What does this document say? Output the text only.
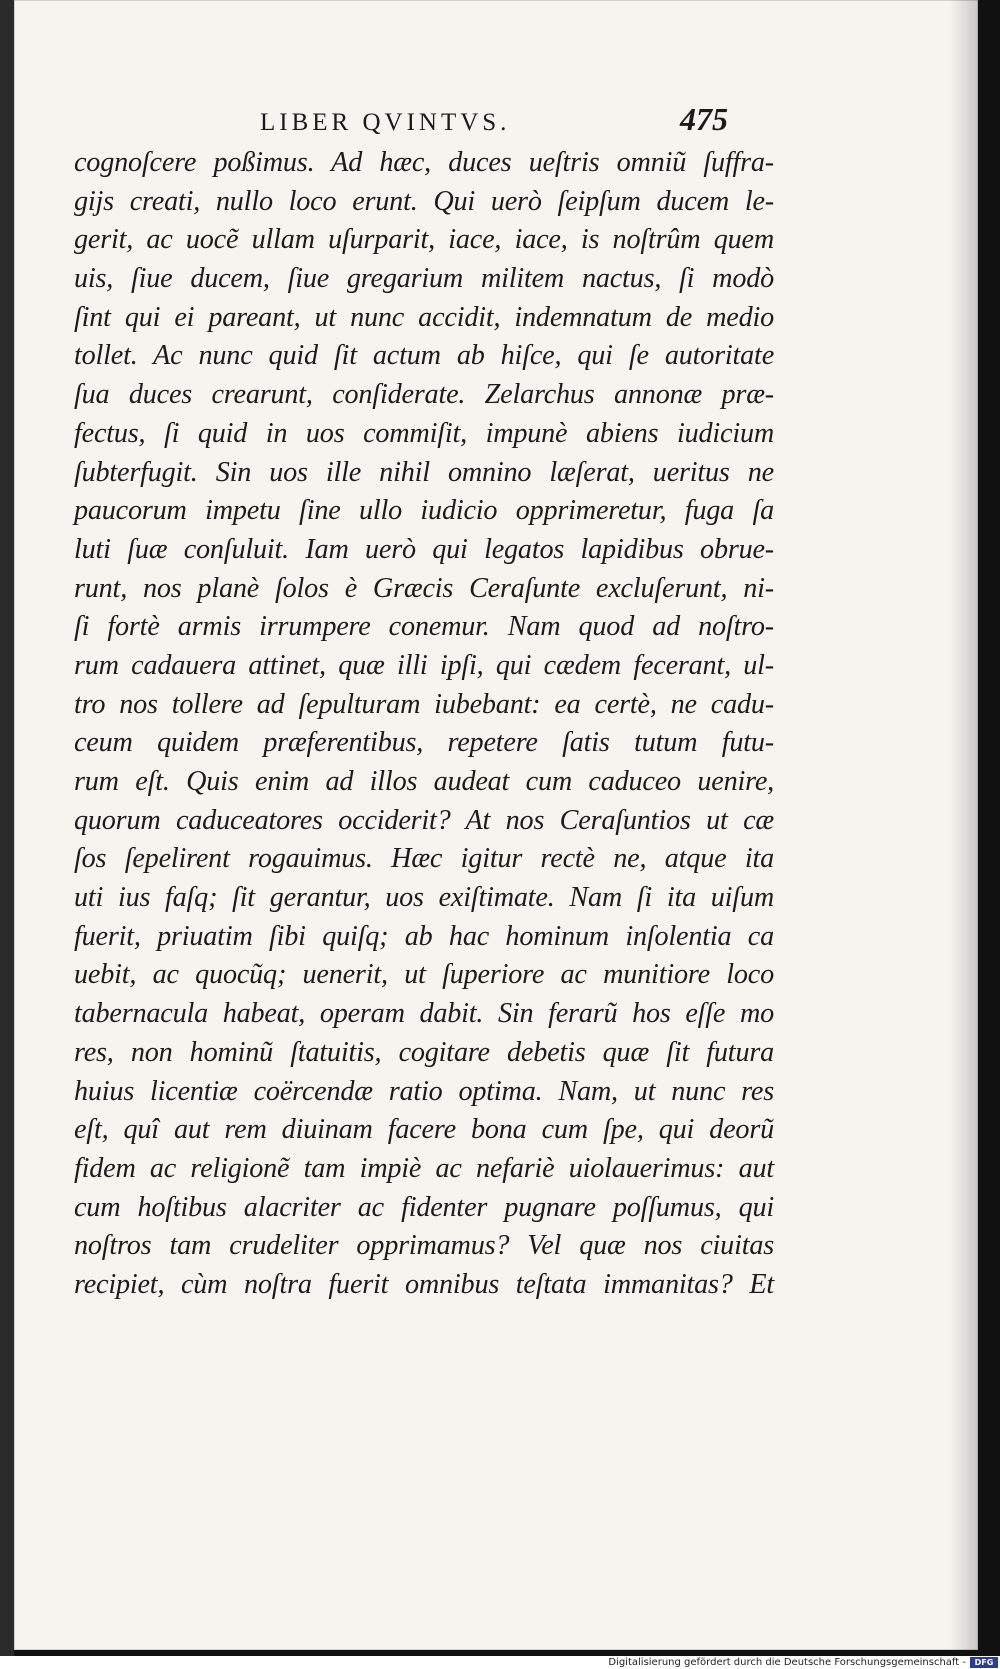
LIBER QVINTVS.	475
cognoſcere poßimus. Ad hæc, duces ueſtris omniũ ſuffra-
gijs creati, nullo loco erunt. Qui uerò ſeipſum ducem le-
gerit, ac uocẽ ullam uſurparit, iace, iace, is noſtrûm quem
uis, ſiue ducem, ſiue gregarium militem nactus, ſi modò
ſint qui ei pareant, ut nunc accidit, indemnatum de medio
tollet. Ac nunc quid ſit actum ab hiſce, qui ſe autoritate
ſua duces crearunt, conſiderate. Zelarchus annonæ præ-
fectus, ſi quid in uos commiſit, impunè abiens iudicium
ſubterfugit. Sin uos ille nihil omnino læſerat, ueritus ne
paucorum impetu ſine ullo iudicio opprimeretur, fuga ſa
luti ſuæ conſuluit. Iam uerò qui legatos lapidibus obrue-
runt, nos planè ſolos è Græcis Ceraſunte excluſerunt, ni-
ſi fortè armis irrumpere conemur. Nam quod ad noſtro-
rum cadauera attinet, quæ illi ipſi, qui cædem fecerant, ul-
tro nos tollere ad ſepulturam iubebant: ea certè, ne cadu-
ceum quidem præferentibus, repetere ſatis tutum futu-
rum eſt. Quis enim ad illos audeat cum caduceo uenire,
quorum caduceatores occiderit? At nos Ceraſuntios ut cæ
ſos ſepelirent rogauimus. Hæc igitur rectè ne, atque ita
uti ius faſq; ſit gerantur, uos exiſtimate. Nam ſi ita uiſum
fuerit, priuatim ſibi quiſq; ab hac hominum inſolentia ca
uebit, ac quocũq; uenerit, ut ſuperiore ac munitiore loco
tabernacula habeat, operam dabit. Sin ferarũ hos eſſe mo
res, non hominũ ſtatuitis, cogitare debetis quæ ſit futura
huius licentiæ coërcendæ ratio optima. Nam, ut nunc res
eſt, quî aut rem diuinam facere bona cum ſpe, qui deorũ
fidem ac religionẽ tam impiè ac nefariè uiolauerimus: aut
cum hoſtibus alacriter ac fidenter pugnare poſſumus, qui
noſtros tam crudeliter opprimamus? Vel quæ nos ciuitas
recipiet, cùm noſtra fuerit omnibus teſtata immanitas? Et
Digitalisierung gefördert durch die Deutsche Forschungsgemeinschaft -	DFG
